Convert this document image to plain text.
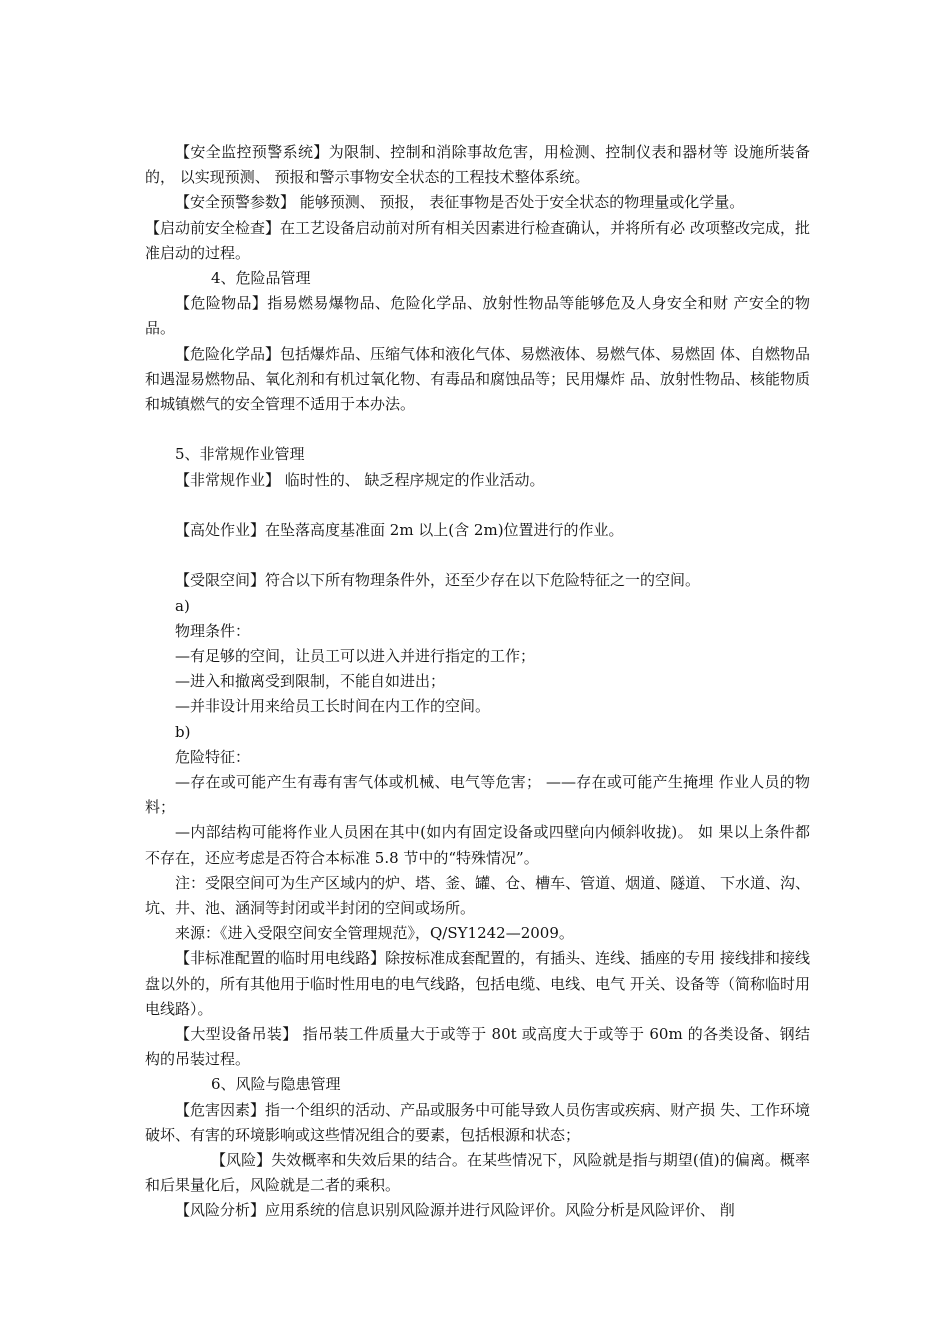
【安全监控预警系统】为限制、控制和消除事故危害，用检测、控制仪表和器材等 设施所装备的， 以实现预测、 预报和警示事物安全状态的工程技术整体系统。

【安全预警参数】 能够预测、 预报， 表征事物是否处于安全状态的物理量或化学量。

【启动前安全检查】在工艺设备启动前对所有相关因素进行检查确认，并将所有必 改项整改完成，批准启动的过程。

4、危险品管理

【危险物品】指易燃易爆物品、危险化学品、放射性物品等能够危及人身安全和财 产安全的物品。

【危险化学品】包括爆炸品、压缩气体和液化气体、易燃液体、易燃气体、易燃固 体、自燃物品和遇湿易燃物品、氧化剂和有机过氧化物、有毒品和腐蚀品等；民用爆炸 品、放射性物品、核能物质和城镇燃气的安全管理不适用于本办法。

5、非常规作业管理

【非常规作业】 临时性的、 缺乏程序规定的作业活动。

【高处作业】在坠落高度基准面 2m 以上(含 2m)位置进行的作业。

【受限空间】符合以下所有物理条件外，还至少存在以下危险特征之一的空间。

a)

物理条件：

—有足够的空间，让员工可以进入并进行指定的工作；

—进入和撤离受到限制，不能自如进出；

—并非设计用来给员工长时间在内工作的空间。

b)

危险特征：

—存在或可能产生有毒有害气体或机械、电气等危害； ——存在或可能产生掩埋 作业人员的物料；

—内部结构可能将作业人员困在其中(如内有固定设备或四壁向内倾斜收拢)。 如 果以上条件都不存在，还应考虑是否符合本标准 5.8 节中的“特殊情况”。

注：受限空间可为生产区域内的炉、塔、釜、罐、仓、槽车、管道、烟道、隧道、 下水道、沟、坑、井、池、涵洞等封闭或半封闭的空间或场所。

来源：《进入受限空间安全管理规范》，Q/SY1242—2009。

【非标准配置的临时用电线路】除按标准成套配置的，有插头、连线、插座的专用 接线排和接线盘以外的，所有其他用于临时性用电的电气线路，包括电缆、电线、电气 开关、设备等（简称临时用电线路）。

【大型设备吊装】 指吊装工件质量大于或等于 80t 或高度大于或等于 60m 的各类设备、钢结构的吊装过程。

6、风险与隐患管理

【危害因素】指一个组织的活动、产品或服务中可能导致人员伤害或疾病、财产损 失、工作环境破坏、有害的环境影响或这些情况组合的要素，包括根源和状态；

【风险】失效概率和失效后果的结合。在某些情况下，风险就是指与期望(值)的偏离。概率和后果量化后，风险就是二者的乘积。

【风险分析】应用系统的信息识别风险源并进行风险评价。风险分析是风险评价、 削
